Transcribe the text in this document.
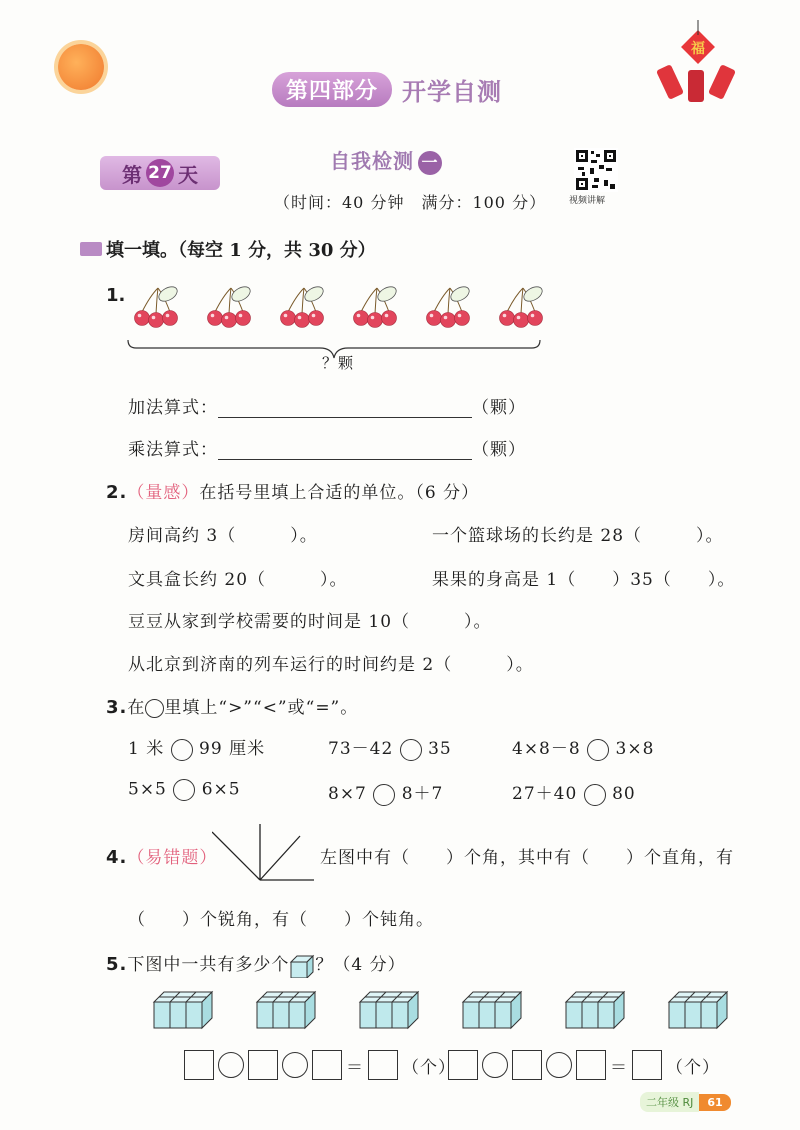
第四部分	开学自测
福
第 27 天
自我检测 一
（时间：40 分钟　满分：100 分）	视频讲解
填一填。（每空 1 分，共 30 分）
1.
？颗
加法算式：	（颗）
乘法算式：	（颗）
2.（量感）在括号里填上合适的单位。（6 分）
房间高约 3（　　　）。	一个篮球场的长约是 28（　　　）。
文具盒长约 20（　　　）。	果果的身高是 1（　　）35（　　）。
豆豆从家到学校需要的时间是 10（　　　）。
从北京到济南的列车运行的时间约是 2（　　　）。
3.在 里填上“>”“<”或“=”。
1 米 99 厘米	73－42 35	4×8－8 3×8
5×5 6×5	8×7 8＋7	27＋40 80
4.（易错题）	左图中有（　　）个角，其中有（　　）个直角，有
（　　）个锐角，有（　　）个钝角。
5.下图中一共有多少个 ？（4 分）
＝ （个）	＝ （个）
二年级 RJ	61
